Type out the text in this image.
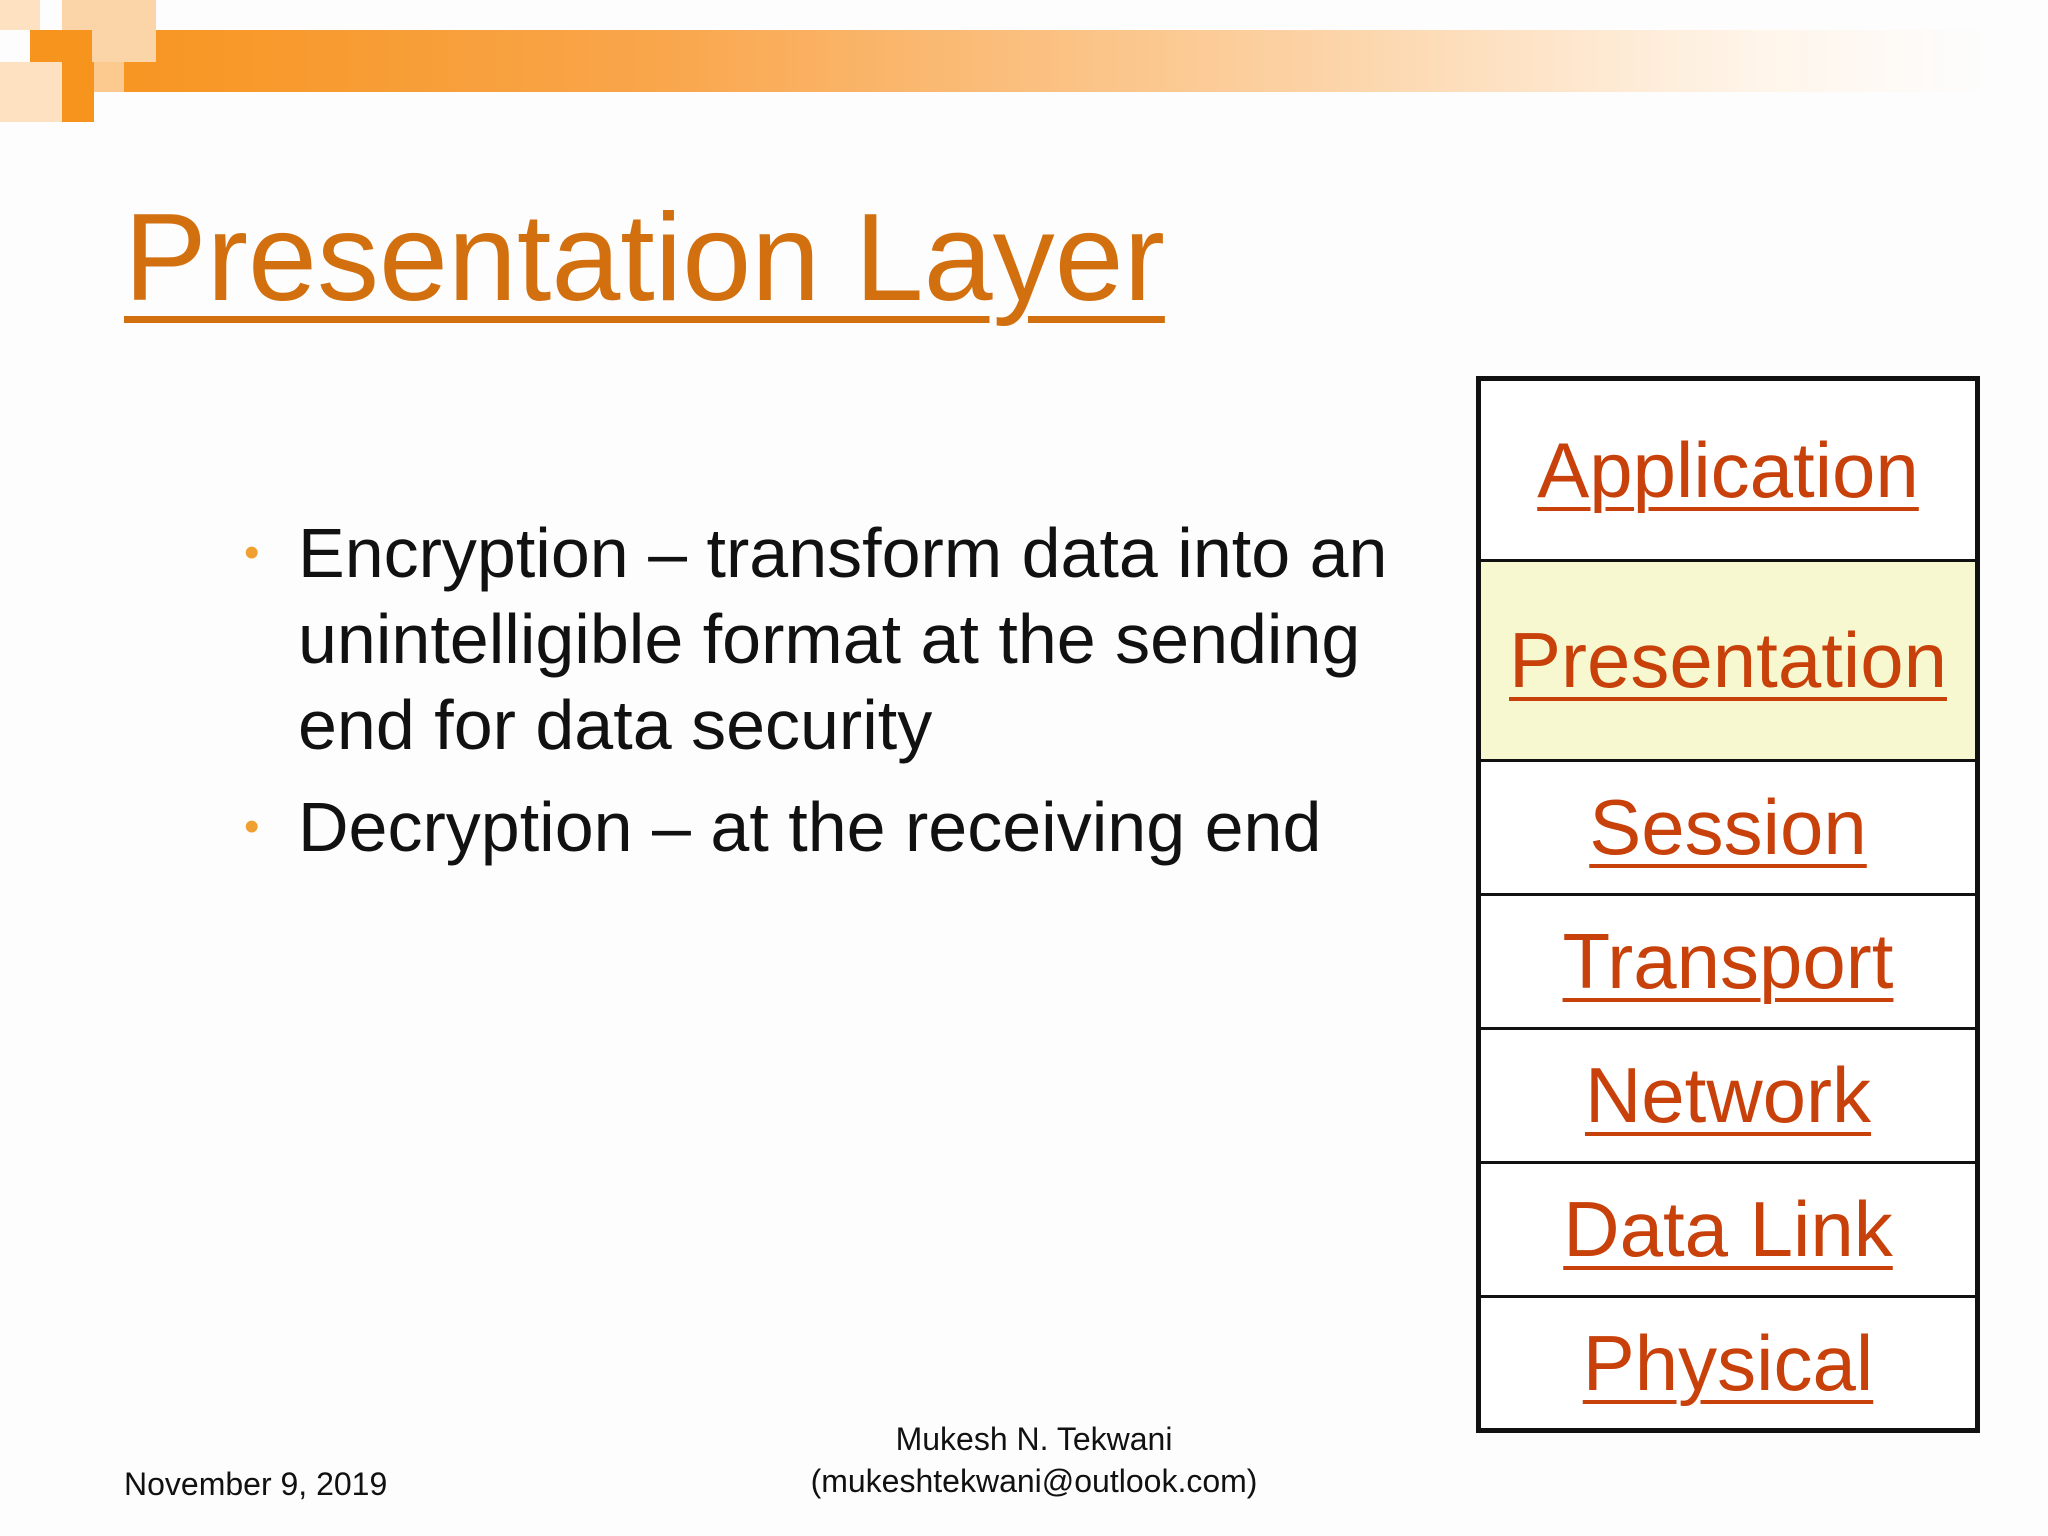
Presentation Layer
• Encryption – transform data into an unintelligible format at the sending end for data security
• Decryption – at the receiving end
Application
Presentation
Session
Transport
Network
Data Link
Physical
November 9, 2019
Mukesh N. Tekwani
(mukeshtekwani@outlook.com)
